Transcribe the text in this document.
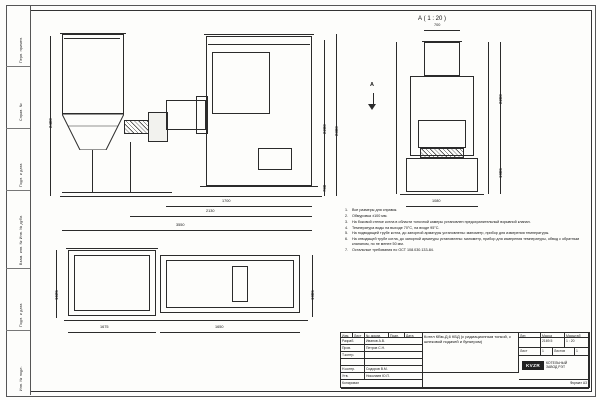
Перв. примен.
Справ. №
Подп. и дата
Взам. инв. № Инв. № дубл.
Подп. и дата
Инв. № подл.
2400
2280 2380
780
1700
2130
3550
А
А ( 1 : 20 )
700
2200
1905
1080
1625	1905
1675	1650
1.	Все размеры для справок.
2.	Обмуровка ±100 мм.
3.	На боковой стенке котла в области топочной камеры установлен предохранительный взрывной клапан.
4.	Температура воды на выходе 70°С, на входе 95°С.
5.	На подводящей трубе котла, до запорной арматуры установлены: манометр, прибор для измерения температуры.
6.	На отводящей трубе котла, до запорной арматуры установлены: манометр, прибор для измерения температуры, обвод с обратным клапаном, но не менее 50 мм.
7.	Остальные требования по ОСТ 108.030.133-84.
Изм.	Лист	№ докум.	Подп.	Дата
Разраб.	Иванов А.В.
Пров.	Петров С.Н.
Т.контр.
Н.контр.	Сидоров В.М.
Утв.	Николаев Ю.П.
Копировал
Котел КВм-Д,6 КБД (с радиационным топкой, с шнековой подачей и бункером)
Лит.	Масса	Масштаб
2169.5	1 : 20
Лист	1	Листов	1
KVZR
КОТЕЛЬНЫЙ
ЗАВОД РЭТ
Формат А3
